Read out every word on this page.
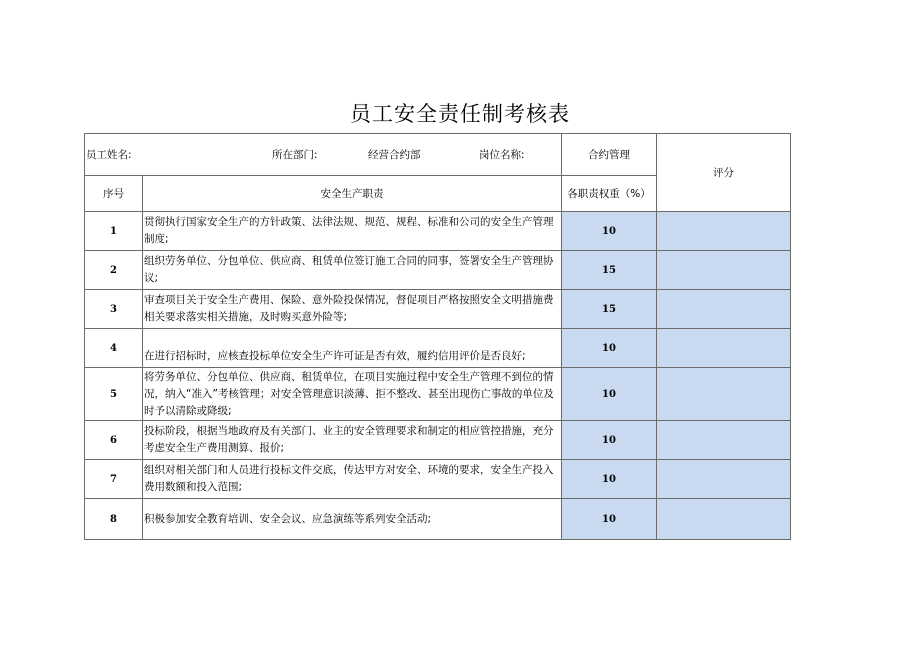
员工安全责任制考核表
员工姓名: 所在部门: 经营合约部 岗位名称:		合约管理	评分
序号	安全生产职责	各职责权重（%）	
1	贯彻执行国家安全生产的方针政策、法律法规、规范、规程、标准和公司的安全生产管理制度;	10	
2	组织劳务单位、分包单位、供应商、租赁单位签订施工合同的同事，签署安全生产管理协议;	15	
3	审查项目关于安全生产费用、保险、意外险投保情况，督促项目严格按照安全文明措施费相关要求落实相关措施，及时购买意外险等;	15	
4	在进行招标时，应核查投标单位安全生产许可证是否有效，履约信用评价是否良好;	10	
5	将劳务单位、分包单位、供应商、租赁单位，在项目实施过程中安全生产管理不到位的情况，纳入“准入”考核管理；对安全管理意识淡薄、拒不整改、甚至出现伤亡事故的单位及时予以清除或降级;	10	
6	投标阶段，根据当地政府及有关部门、业主的安全管理要求和制定的相应管控措施，充分考虑安全生产费用测算、报价;	10	
7	组织对相关部门和人员进行投标文件交底，传达甲方对安全、环境的要求，安全生产投入费用数额和投入范围;	10	
8	积极参加安全教育培训、安全会议、应急演练等系列安全活动;	10	
